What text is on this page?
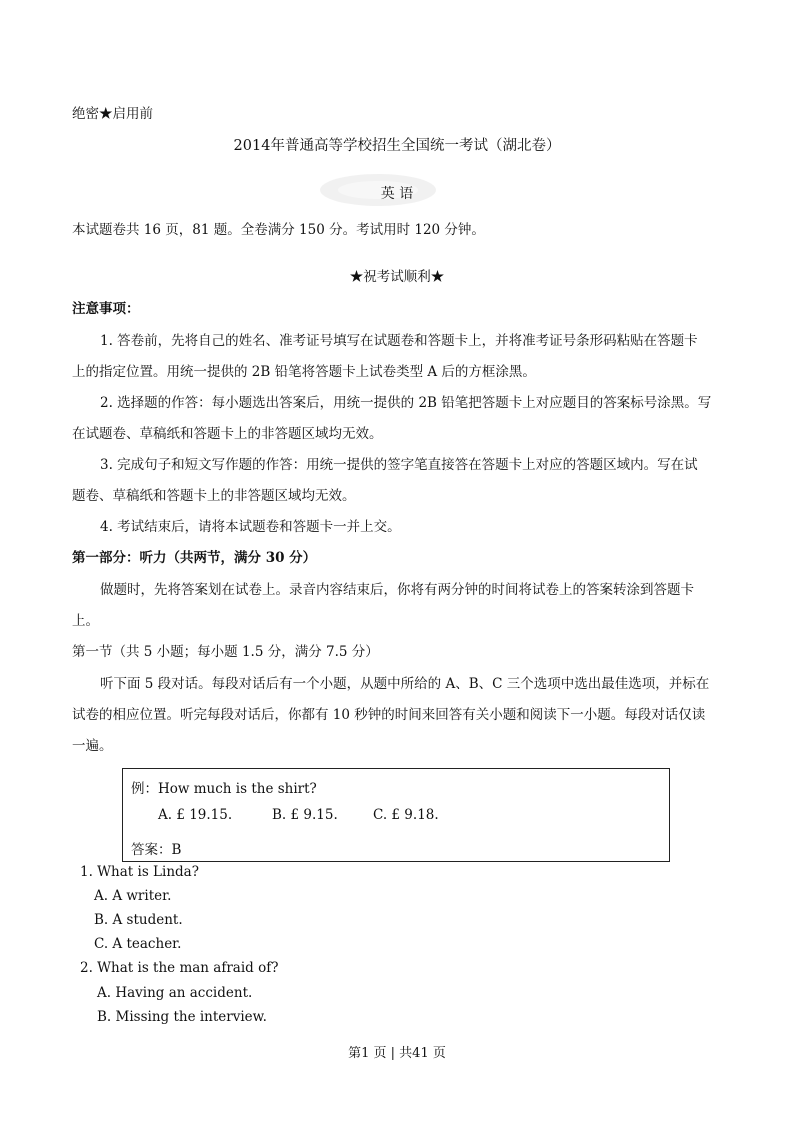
绝密★启用前
2014年普通高等学校招生全国统一考试（湖北卷）
英 语
本试题卷共 16 页，81 题。全卷满分 150 分。考试用时 120 分钟。
★祝考试顺利★
注意事项：
1. 答卷前，先将自己的姓名、准考证号填写在试题卷和答题卡上，并将准考证号条形码粘贴在答题卡
上的指定位置。用统一提供的 2B 铅笔将答题卡上试卷类型 A 后的方框涂黑。
2. 选择题的作答：每小题选出答案后，用统一提供的 2B 铅笔把答题卡上对应题目的答案标号涂黑。写
在试题卷、草稿纸和答题卡上的非答题区域均无效。
3. 完成句子和短文写作题的作答：用统一提供的签字笔直接答在答题卡上对应的答题区域内。写在试
题卷、草稿纸和答题卡上的非答题区域均无效。
4. 考试结束后，请将本试题卷和答题卡一并上交。
第一部分：听力（共两节，满分 30 分）
做题时，先将答案划在试卷上。录音内容结束后，你将有两分钟的时间将试卷上的答案转涂到答题卡
上。
第一节（共 5 小题；每小题 1.5 分，满分 7.5 分）
听下面 5 段对话。每段对话后有一个小题，从题中所给的 A、B、C 三个选项中选出最佳选项，并标在
试卷的相应位置。听完每段对话后，你都有 10 秒钟的时间来回答有关小题和阅读下一小题。每段对话仅读
一遍。
例：How much is the shirt?
A. £ 19.15.	B. £ 9.15.	C. £ 9.18.
答案：B
1. What is Linda?
A. A writer.
B. A student.
C. A teacher.
2. What is the man afraid of?
A. Having an accident.
B. Missing the interview.
第1 页 | 共41 页
